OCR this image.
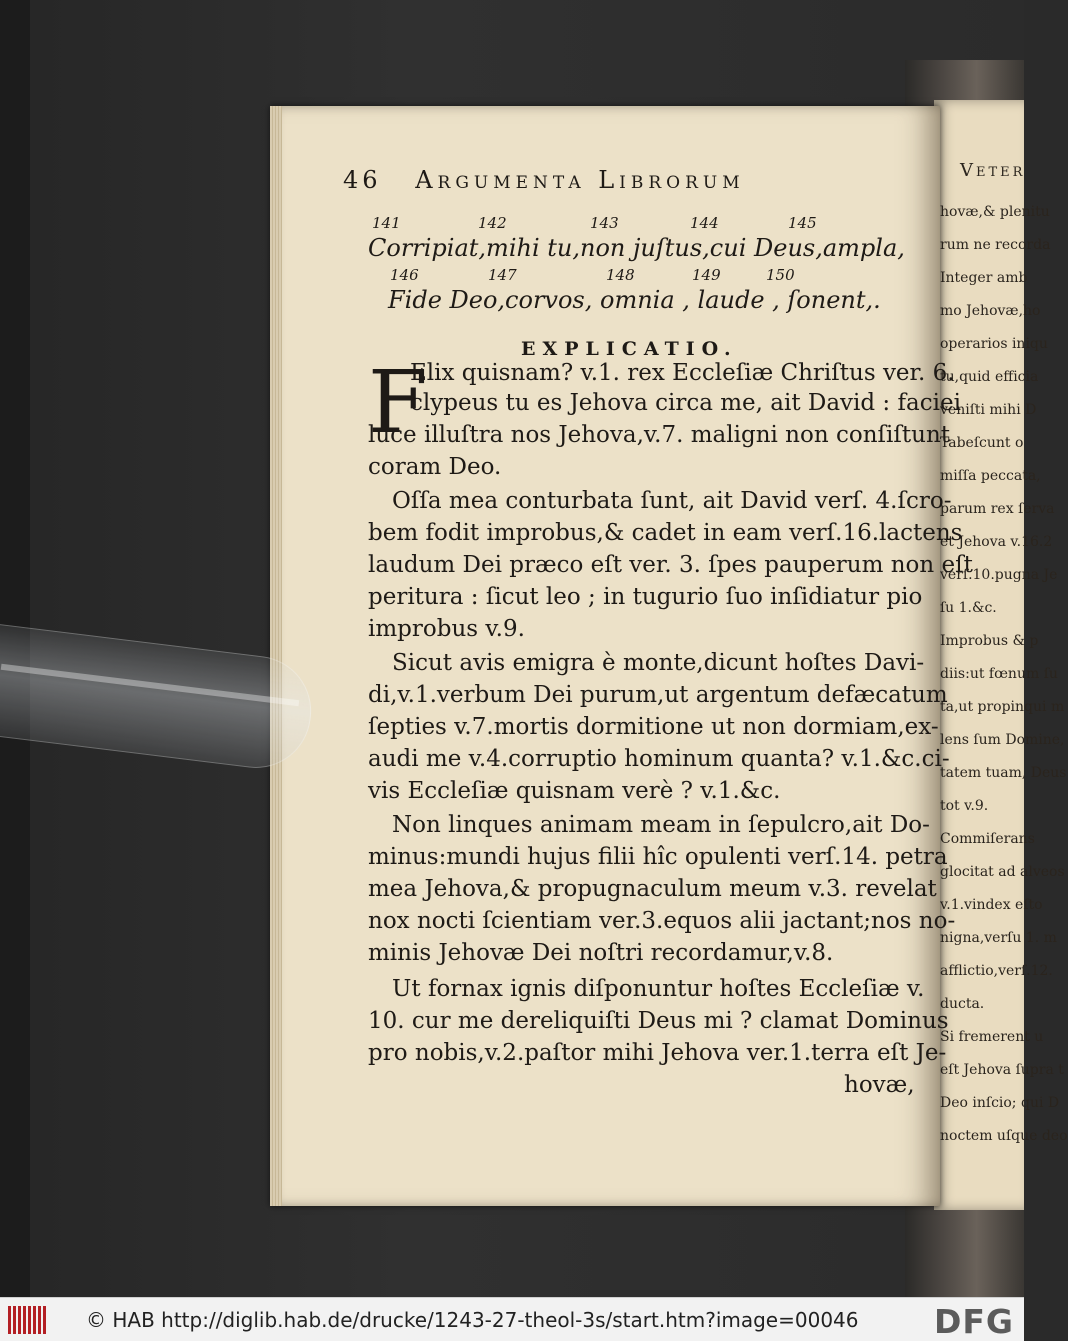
Veter
hovæ,& plenitu
rum ne recorda
Integer amb
mo Jehovæ,ho
operarios iniqu
tu,quid efficia
veniſti mihi D
Tabeſcunt o
miſſa peccata,
parum rex ſerva
et Jehova v.16.2
verſ.10.pugna Je
ſu 1.&c.
Improbus & p
diis:ut fœnum ſu
ta,ut propinqui m
lens ſum Domine,
tatem tuam, Deus
tot v.9.
Commiſerans
glocitat ad alveos
v.1.vindex eſto
nigna,verſu 1. m
afflictio,verſ.12.
ducta.
Si fremerent u
eſt Jehova ſupra t
Deo inſcio; qui D
noctem uſque deo
46 Argumenta Librorum
141	142	143	144	145
Corripiat,mihi tu,non juſtus,cui Deus,ampla,
146	147	148	149	150
Fide Deo,corvos, omnia , laude , ſonent,.
EXPLICATIO.
F
Elix quisnam? v.1. rex Eccleſiæ Chriſtus ver. 6.
clypeus tu es Jehova circa me, ait David : faciei
luce illuſtra nos Jehova,v.7. maligni non conſiſtunt
coram Deo.
Oſſa mea conturbata ſunt, ait David verſ. 4.ſcro-
bem fodit improbus,& cadet in eam verſ.16.lactens
laudum Dei præco eſt ver. 3. ſpes pauperum non eſt
peritura : ſicut leo ; in tugurio ſuo inſidiatur pio
improbus v.9.
Sicut avis emigra è monte,dicunt hoſtes Davi-
di,v.1.verbum Dei purum,ut argentum defæcatum
ſepties v.7.mortis dormitione ut non dormiam,ex-
audi me v.4.corruptio hominum quanta? v.1.&c.ci-
vis Eccleſiæ quisnam verè ? v.1.&c.
Non linques animam meam in ſepulcro,ait Do-
minus:mundi hujus filii hîc opulenti verſ.14. petra
mea Jehova,& propugnaculum meum v.3. revelat
nox nocti ſcientiam ver.3.equos alii jactant;nos no-
minis Jehovæ Dei noſtri recordamur,v.8.
Ut fornax ignis diſponuntur hoſtes Eccleſiæ v.
10. cur me dereliquiſti Deus mi ? clamat Dominus
pro nobis,v.2.paſtor mihi Jehova ver.1.terra eſt Je-
hovæ,
© HAB http://diglib.hab.de/drucke/1243-27-theol-3s/start.htm?image=00046 DFG
